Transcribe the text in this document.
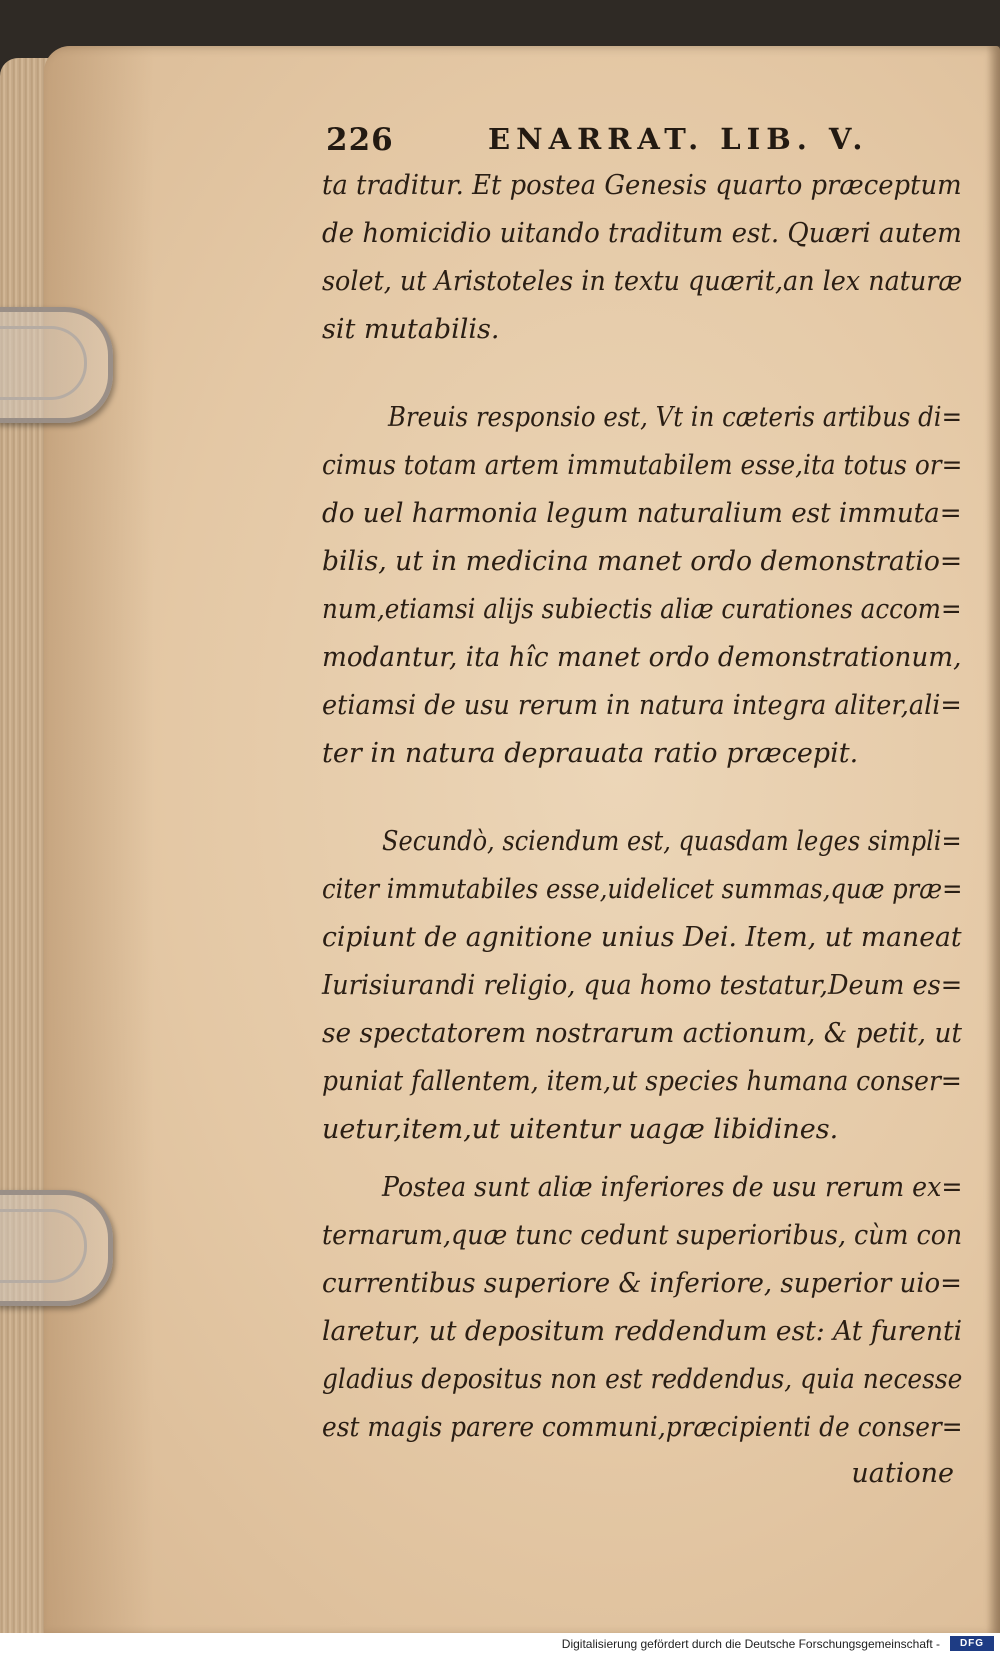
226	ENARRAT. LIB. V.
ta traditur. Et postea Genesis quarto præceptum
de homicidio uitando traditum est. Quæri autem
solet, ut Aristoteles in textu quærit,an lex naturæ
sit mutabilis.
Breuis responsio est, Vt in cæteris artibus di=
cimus totam artem immutabilem esse,ita totus or=
do uel harmonia legum naturalium est immuta=
bilis, ut in medicina manet ordo demonstratio=
num,etiamsi alijs subiectis aliæ curationes accom=
modantur, ita hîc manet ordo demonstrationum,
etiamsi de usu rerum in natura integra aliter,ali=
ter in natura deprauata ratio præcepit.
Secundò, sciendum est, quasdam leges simpli=
citer immutabiles esse,uidelicet summas,quæ præ=
cipiunt de agnitione unius Dei. Item, ut maneat
Iurisiurandi religio, qua homo testatur,Deum es=
se spectatorem nostrarum actionum, & petit, ut
puniat fallentem, item,ut species humana conser=
uetur,item,ut uitentur uagæ libidines.
Postea sunt aliæ inferiores de usu rerum ex=
ternarum,quæ tunc cedunt superioribus, cùm con
currentibus superiore & inferiore, superior uio=
laretur, ut depositum reddendum est: At furenti
gladius depositus non est reddendus, quia necesse
est magis parere communi,præcipienti de conser=
uatione
Digitalisierung gefördert durch die Deutsche Forschungsgemeinschaft -	DFG
